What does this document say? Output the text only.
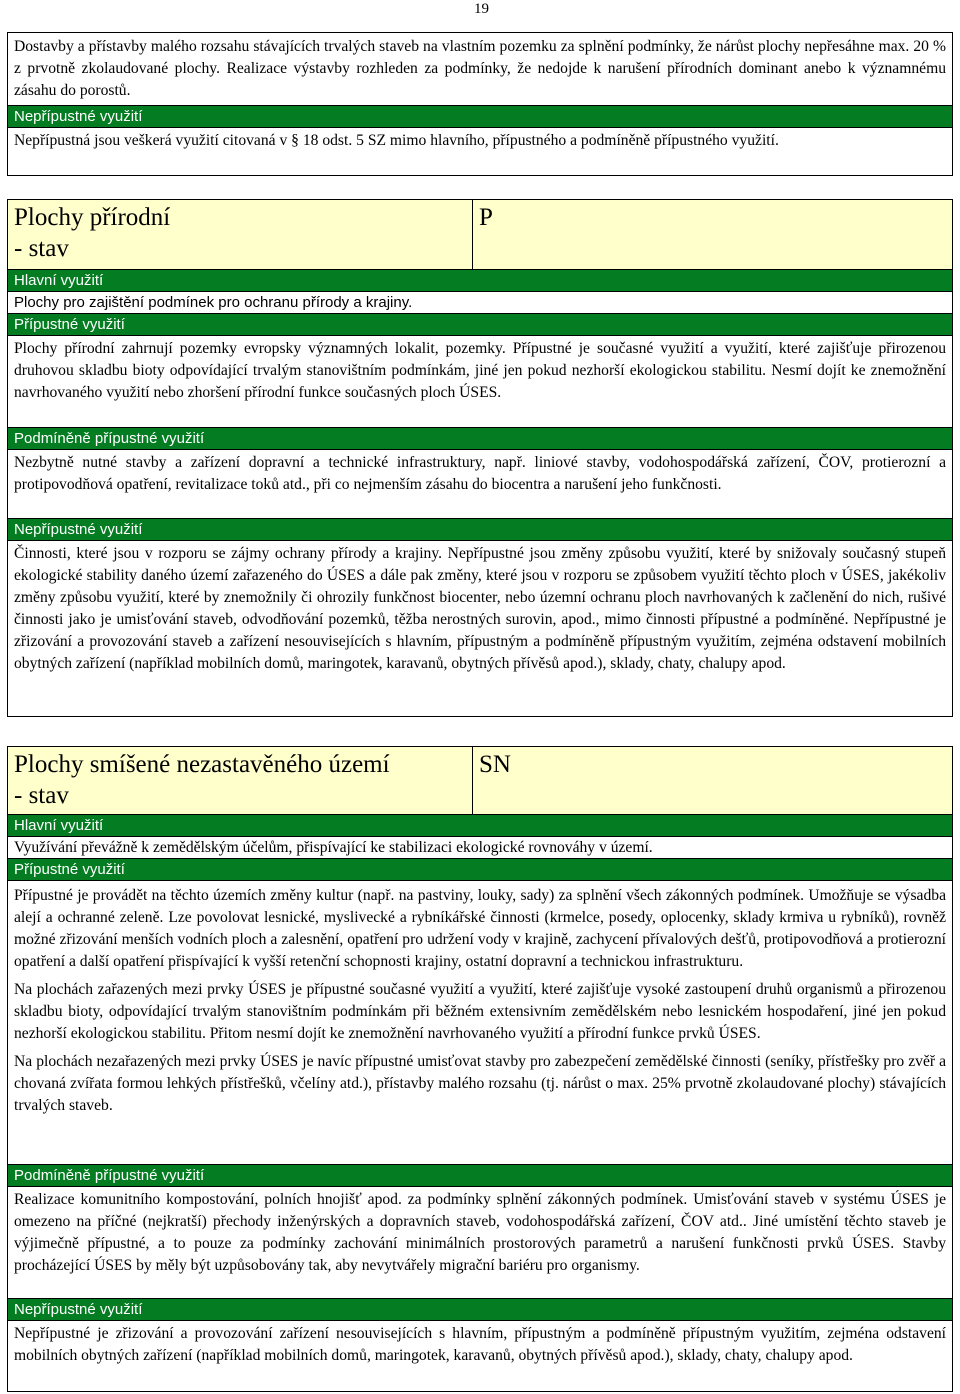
19
Dostavby a přístavby malého rozsahu stávajících trvalých staveb na vlastním pozemku za splnění podmínky, že nárůst plochy nepřesáhne max. 20 % z prvotně zkolaudované plochy. Realizace výstavby rozhleden za podmínky, že nedojde k narušení přírodních dominant anebo k významnému zásahu do porostů.
Nepřípustné využití
Nepřípustná jsou veškerá využití citovaná v § 18 odst. 5 SZ mimo hlavního, přípustného a podmíněně přípustného využití.
Plochy přírodní
- stav
P
Hlavní využití
Plochy pro zajištění podmínek pro ochranu přírody a krajiny.
Přípustné využití
Plochy přírodní zahrnují pozemky evropsky významných lokalit, pozemky. Přípustné je současné využití a využití, které zajišťuje přirozenou druhovou skladbu bioty odpovídající trvalým stanovištním podmínkám, jiné jen pokud nezhorší ekologickou stabilitu. Nesmí dojít ke znemožnění navrhovaného využití nebo zhoršení přírodní funkce současných ploch ÚSES.
Podmíněně přípustné využití
Nezbytně nutné stavby a zařízení dopravní a technické infrastruktury, např. liniové stavby, vodohospodářská zařízení, ČOV, protierozní a protipovodňová opatření, revitalizace toků atd., při co nejmenším zásahu do biocentra a narušení jeho funkčnosti.
Nepřípustné využití
Činnosti, které jsou v rozporu se zájmy ochrany přírody a krajiny. Nepřípustné jsou změny způsobu využití, které by snižovaly současný stupeň ekologické stability daného území zařazeného do ÚSES a dále pak změny, které jsou v rozporu se způsobem využití těchto ploch v ÚSES, jakékoliv změny způsobu využití, které by znemožnily či ohrozily funkčnost biocenter, nebo územní ochranu ploch navrhovaných k začlenění do nich, rušivé činnosti jako je umisťování staveb, odvodňování pozemků, těžba nerostných surovin, apod., mimo činnosti přípustné a podmíněné. Nepřípustné je zřizování a provozování staveb a zařízení nesouvisejících s hlavním, přípustným a podmíněně přípustným využitím, zejména odstavení mobilních obytných zařízení (například mobilních domů, maringotek, karavanů, obytných přívěsů apod.), sklady, chaty, chalupy apod.
Plochy smíšené nezastavěného území
- stav
SN
Hlavní využití
Využívání převážně k zemědělským účelům, přispívající ke stabilizaci ekologické rovnováhy v území.
Přípustné využití

Přípustné je provádět na těchto územích změny kultur (např. na pastviny, louky, sady) za splnění všech zákonných podmínek. Umožňuje se výsadba alejí a ochranné zeleně. Lze povolovat lesnické, myslivecké a rybníkářské činnosti (krmelce, posedy, oplocenky, sklady krmiva u rybníků), rovněž možné zřizování menších vodních ploch a zalesnění, opatření pro udržení vody v krajině, zachycení přívalových dešťů, protipovodňová a protierozní opatření a další opatření přispívající k vyšší retenční schopnosti krajiny, ostatní dopravní a technickou infrastrukturu.

Na plochách zařazených mezi prvky ÚSES je přípustné současné využití a využití, které zajišťuje vysoké zastoupení druhů organismů a přirozenou skladbu bioty, odpovídající trvalým stanovištním podmínkám při běžném extensivním zemědělském nebo lesnickém hospodaření, jiné jen pokud nezhorší ekologickou stabilitu. Přitom nesmí dojít ke znemožnění navrhovaného využití a přírodní funkce prvků ÚSES.

Na plochách nezařazených mezi prvky ÚSES je navíc přípustné umisťovat stavby pro zabezpečení zemědělské činnosti (seníky, přístřešky pro zvěř a chovaná zvířata formou lehkých přístřešků, včelíny atd.), přístavby malého rozsahu (tj. nárůst o max. 25% prvotně zkolaudované plochy) stávajících trvalých staveb.

Podmíněně přípustné využití
Realizace komunitního kompostování, polních hnojišť apod. za podmínky splnění zákonných podmínek. Umisťování staveb v systému ÚSES je omezeno na příčné (nejkratší) přechody inženýrských a dopravních staveb, vodohospodářská zařízení, ČOV atd.. Jiné umístění těchto staveb je výjimečně přípustné, a to pouze za podmínky zachování minimálních prostorových parametrů a narušení funkčnosti prvků ÚSES. Stavby procházející ÚSES by měly být uzpůsobovány tak, aby nevytvářely migrační bariéru pro organismy.
Nepřípustné využití
Nepřípustné je zřizování a provozování zařízení nesouvisejících s hlavním, přípustným a podmíněně přípustným využitím, zejména odstavení mobilních obytných zařízení (například mobilních domů, maringotek, karavanů, obytných přívěsů apod.), sklady, chaty, chalupy apod.
